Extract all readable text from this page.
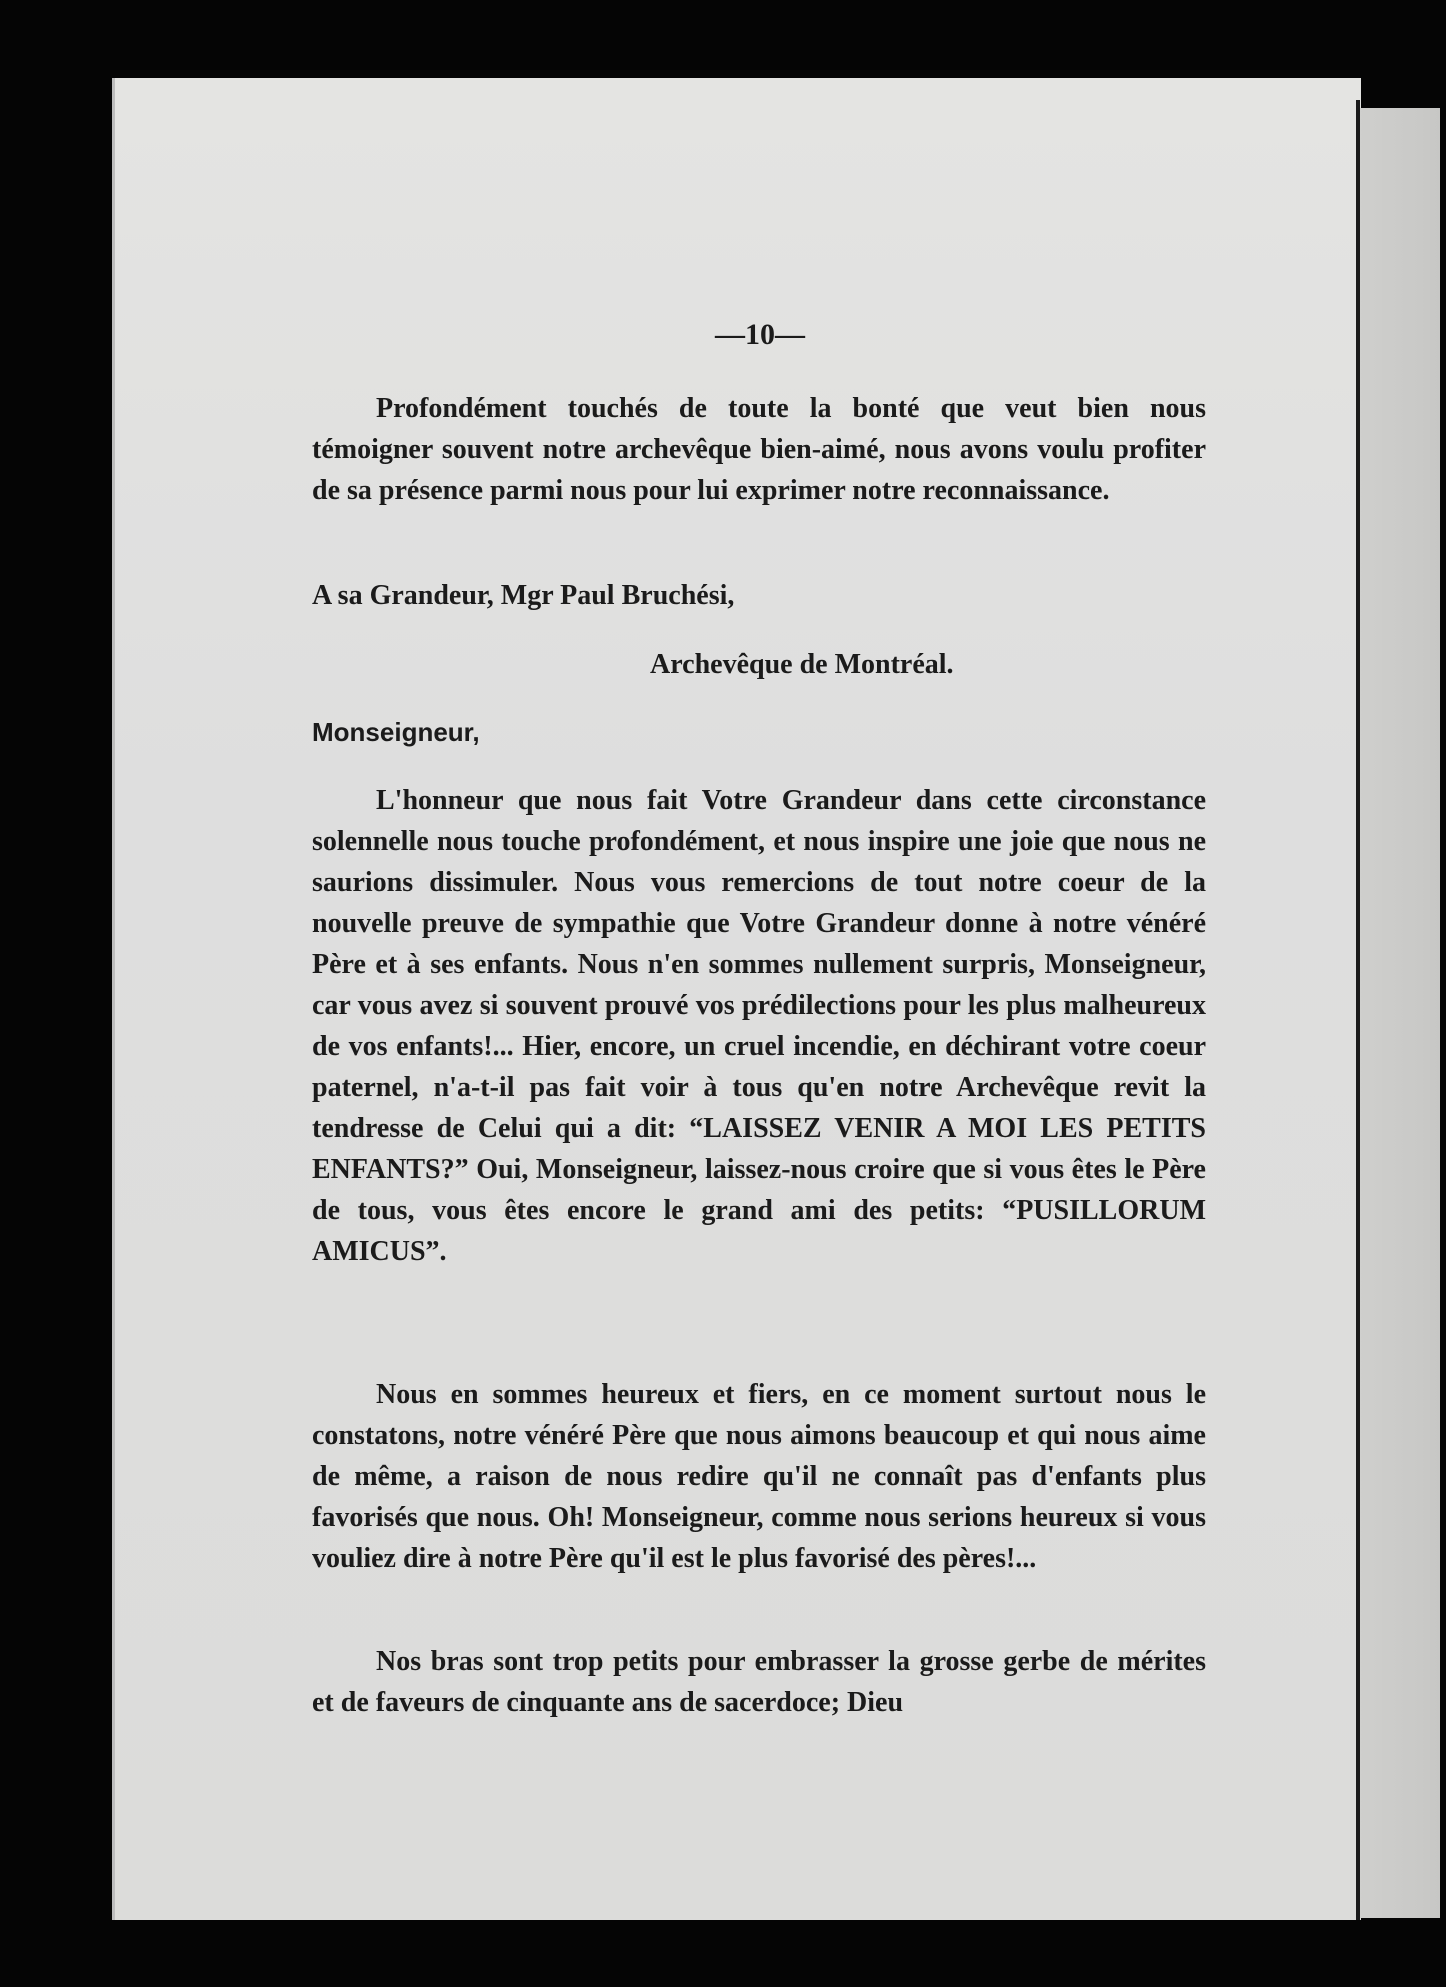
—10—

Profondément touchés de toute la bonté que veut bien nous témoigner souvent notre archevêque bien-aimé, nous avons voulu profiter de sa présence parmi nous pour lui exprimer notre reconnaissance.

A sa Grandeur, Mgr Paul Bruchési,

Archevêque de Montréal.

Monseigneur,

L'honneur que nous fait Votre Grandeur dans cette circonstance solennelle nous touche profondément, et nous inspire une joie que nous ne saurions dissimuler. Nous vous remercions de tout notre coeur de la nouvelle preuve de sympathie que Votre Grandeur donne à notre vénéré Père et à ses enfants. Nous n'en sommes nullement surpris, Monseigneur, car vous avez si souvent prouvé vos prédilections pour les plus malheureux de vos enfants!... Hier, encore, un cruel incendie, en déchirant votre coeur paternel, n'a-t-il pas fait voir à tous qu'en notre Archevêque revit la tendresse de Celui qui a dit: “LAISSEZ VENIR A MOI LES PETITS ENFANTS?” Oui, Monseigneur, laissez-nous croire que si vous êtes le Père de tous, vous êtes encore le grand ami des petits: “PUSILLORUM AMICUS”.

Nous en sommes heureux et fiers, en ce moment surtout nous le constatons, notre vénéré Père que nous aimons beaucoup et qui nous aime de même, a raison de nous redire qu'il ne connaît pas d'enfants plus favorisés que nous. Oh! Monseigneur, comme nous serions heureux si vous vouliez dire à notre Père qu'il est le plus favorisé des pères!...

Nos bras sont trop petits pour embrasser la grosse gerbe de mérites et de faveurs de cinquante ans de sacerdoce; Dieu
